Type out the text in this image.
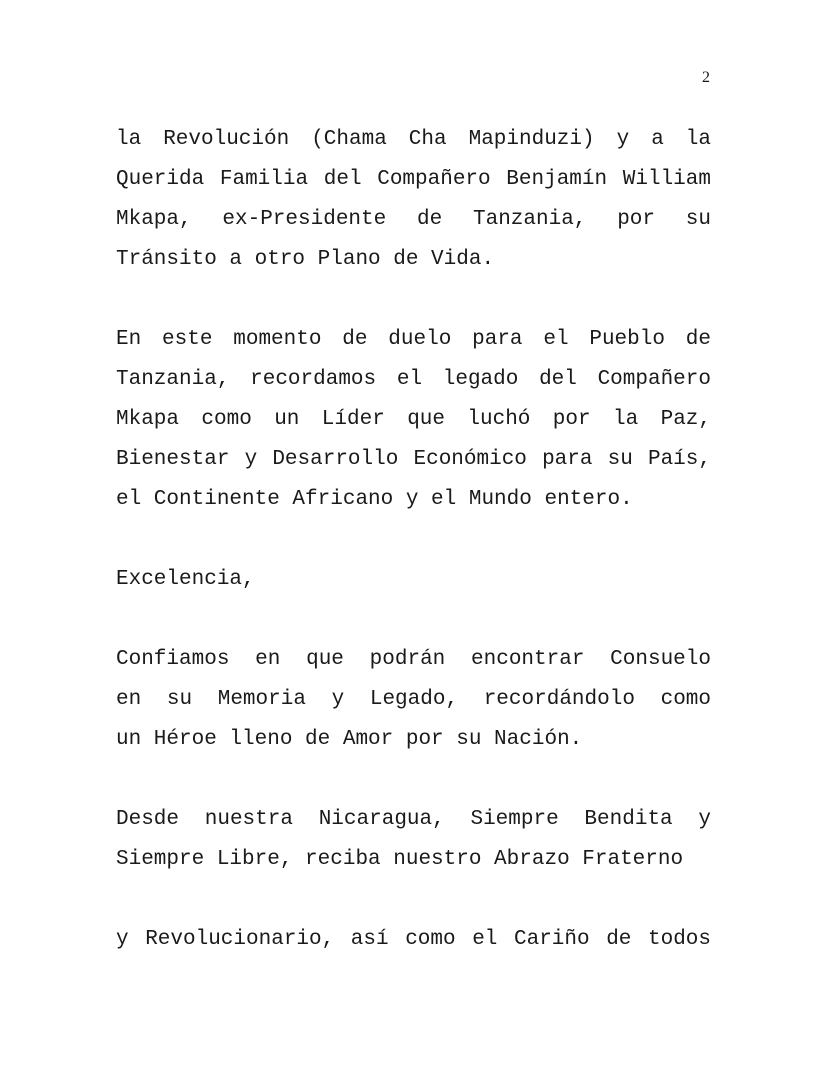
2
la Revolución (Chama Cha Mapinduzi) y a la
Querida Familia del Compañero Benjamín William
Mkapa, ex-Presidente de Tanzania, por su
Tránsito a otro Plano de Vida.
En este momento de duelo para el Pueblo de
Tanzania, recordamos el legado del Compañero
Mkapa como un Líder que luchó por la Paz,
Bienestar y Desarrollo Económico para su País,
el Continente Africano y el Mundo entero.
Excelencia,
Confiamos en que podrán encontrar Consuelo
en su Memoria y Legado, recordándolo como
un Héroe lleno de Amor por su Nación.
Desde nuestra Nicaragua, Siempre Bendita y
Siempre Libre, reciba nuestro Abrazo Fraterno
y Revolucionario, así como el Cariño de todos
